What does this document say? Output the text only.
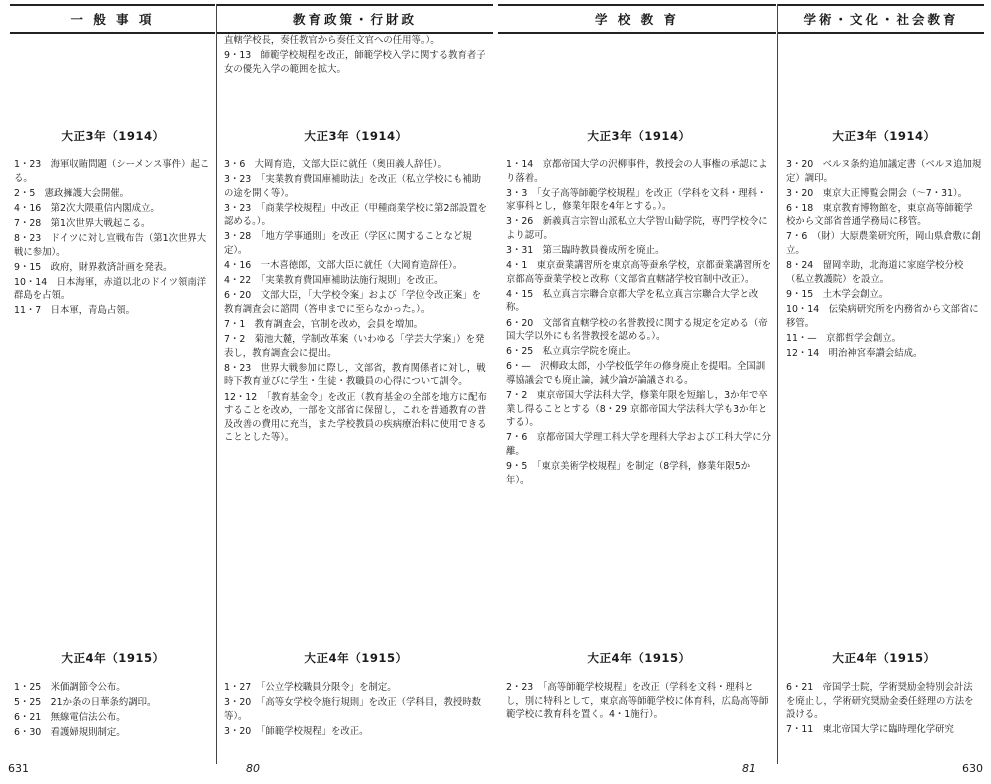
一 般 事 項	教育政策・行財政
大正3年（1914）
1・23　海軍収賄問題（シーメンス事件）起こる。
2・5　憲政擁護大会開催。
4・16　第2次大隈重信内閣成立。
7・28　第1次世界大戦起こる。
8・23　ドイツに対し宣戦布告（第1次世界大戦に参加）。
9・15　政府，財界救済計画を発表。
10・14　日本海軍，赤道以北のドイツ領南洋群島を占領。
11・7　日本軍，青島占領。
大正4年（1915）
1・25　米価調節令公布。
5・25　21か条の日華条約調印。
6・21　無線電信法公布。
6・30　看護婦規則制定。
直轄学校長，奏任教官から奏任文官への任用等。）。
9・13　師範学校規程を改正，師範学校入学に関する教育者子女の優先入学の範囲を拡大。
大正3年（1914）
3・6　大岡育造，文部大臣に就任（奥田義人辞任）。
3・23　「実業教育費国庫補助法」を改正（私立学校にも補助の途を開く等）。
3・23　「商業学校規程」中改正（甲種商業学校に第2部設置を認める。）。
3・28　「地方学事通則」を改正（学区に関することなど規定）。
4・16　一木喜徳郎，文部大臣に就任（大岡育造辞任）。
4・22　「実業教育費国庫補助法施行規則」を改正。
6・20　文部大臣，「大学校令案」および「学位令改正案」を教育調査会に諮問（答申までに至らなかった。）。
7・1　教育調査会，官制を改め，会員を増加。
7・2　菊池大麓，学制改革案（いわゆる「学芸大学案」）を発表し，教育調査会に提出。
8・23　世界大戦参加に際し，文部省，教育関係者に対し，戦時下教育並びに学生・生徒・教職員の心得について訓令。
12・12　「教育基金令」を改正（教育基金の全部を地方に配布することを改め，一部を文部省に保留し，これを普通教育の普及改善の費用に充当，また学校教員の疾病療治料に使用できることとした等）。
大正4年（1915）
1・27　「公立学校職員分限令」を制定。
3・20　「高等女学校令施行規則」を改正（学科目，教授時数等）。
3・20　「師範学校規程」を改正。
631	80
学 校 教 育	学術・文化・社会教育
大正3年（1914）
1・14　京都帝国大学の沢柳事件，教授会の人事権の承認により落着。
3・3　「女子高等師範学校規程」を改正（学科を文科・理科・家事科とし，修業年限を4年とする。）。
3・26　新義真言宗智山派私立大学智山勧学院，専門学校令により認可。
3・31　第三臨時教員養成所を廃止。
4・1　東京蚕業講習所を東京高等蚕糸学校，京都蚕業講習所を京都高等蚕業学校と改称（文部省直轄諸学校官制中改正）。
4・15　私立真言宗聯合京都大学を私立真言宗聯合大学と改称。
6・20　文部省直轄学校の名誉教授に関する規定を定める（帝国大学以外にも名誉教授を認める。）。
6・25　私立真宗学院を廃止。
6・—　沢柳政太郎，小学校低学年の修身廃止を提唱。全国訓導協議会でも廃止論，減少論が論議される。
7・2　東京帝国大学法科大学，修業年限を短縮し，3か年で卒業し得ることとする（8・29 京都帝国大学法科大学も3か年とする）。
7・6　京都帝国大学理工科大学を理科大学および工科大学に分離。
9・5　「東京美術学校規程」を制定（8学科，修業年限5か年）。
大正4年（1915）
2・23　「高等師範学校規程」を改正（学科を文科・理科とし，別に特科として，東京高等師範学校に体育科，広島高等師範学校に教育科を置く。4・1施行）。
大正3年（1914）
3・20　ベルヌ条約追加議定書（ベルヌ追加規定）調印。
3・20　東京大正博覧会開会（～7・31）。
6・18　東京教育博物館を，東京高等師範学校から文部省普通学務局に移管。
7・6　（財）大原農業研究所，岡山県倉敷に創立。
8・24　留岡幸助，北海道に家庭学校分校（私立教護院）を設立。
9・15　土木学会創立。
10・14　伝染病研究所を内務省から文部省に移管。
11・—　京都哲学会創立。
12・14　明治神宮奉讃会結成。
大正4年（1915）
6・21　帝国学士院，学術奨励金特別会計法を廃止し，学術研究奨励金委任経理の方法を設ける。
7・11　東北帝国大学に臨時理化学研究
81	630
